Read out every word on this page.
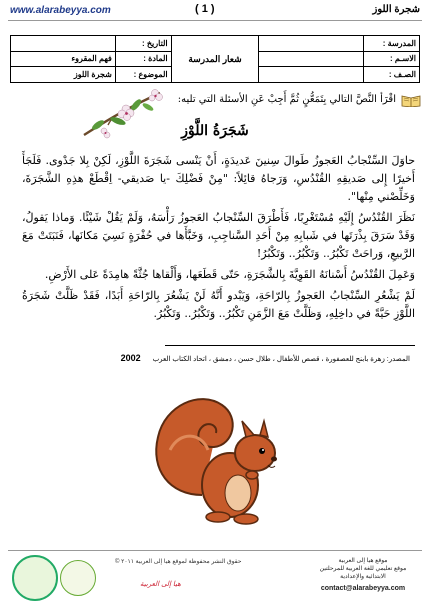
www.alarabeyya.com	( 1 )	شجرة اللوز
المدرسة :		شعار المدرسة	التاريخ :	
الاسـم :			المادة :	فهم المقروء
الصـف :			الموضوع :	شجرة اللوز
اقْرَأ النَّصَّ التالي بِتَمَعُّنٍ ثُمَّ أَجِبْ عَنِ الأسئلة التي تليه:
شَجَرَةُ اللَّوْزِ

حاوَلَ السِّنْجابُ العَجوزُ طَوالَ سِنينَ عَديدَةٍ، أَنْ يَنْسى شَجَرَةَ اللَّوْزِ، لَكِنْ بِلا جَدْوى. فَلَجَأَ أَخيرًا إِلى صَديقِهِ القُنْدُسِ، وَرَجاهُ قائِلاً: "مِنْ فَضْلِكَ -يا صَديقي- اِقْطَعْ هذِهِ الشَّجَرَةَ، وَخَلِّصْني مِنْها".

نَظَرَ القُنْدُسُ إِلَيْهِ مُسْتَغْرِبًا، فَأَطْرَقَ السِّنْجابُ العَجوزُ رَأْسَهُ، وَلَمْ يَقُلْ شَيْئًا. وَماذا يَقولُ، وَقَدْ سَرَقَ بِذْرَتَها في شَبابِهِ مِنْ أَحَدِ السَّناجِبِ، وَخَبَّأَها في حُفْرَةٍ نَسِيَ مَكانَها، فَنَبَتَتْ مَعَ الرَّبيعِ، وَراحَتْ تَكْبُرُ.. وَتَكْبُرُ.. وَتَكْبُرُ!

وَعَمِلَ القُنْدُسُ أَسْنانَهُ القَوِيَّةَ بِالشَّجَرَةِ، حَتّى قَطَعَها، وَأَلْقاها جُثَّةً هامِدَةً عَلى الأَرْضِ.

لَمْ يَشْعُرِ السِّنْجابُ العَجوزُ بِالرّاحَةِ، وَيَبْدو أَنَّهُ لَنْ يَشْعُرَ بِالرّاحَةِ أَبَدًا، فَقَدْ ظَلَّتْ شَجَرَةُ اللَّوْزِ حَيَّةً في داخِلِهِ، وَظَلَّتْ مَعَ الزَّمَنِ تَكْبُرُ.. وَتَكْبُرُ.. وَتَكْبُرُ.

المصدر: زهرة بابنج للعصفورة ، قصص للأطفال ، طلال حسن ، دمشق ، اتحاد الكتاب العرب 2002
حقوق النشر محفوظة لموقع هيا إلى العربية ٢٠١١ ©
هيا إلى العربية
موقع هيا إلى العربية
موقع تعليمي للغة العربية للمرحلتين
الابتدائية والإعدادية
contact@alarabeyya.com
